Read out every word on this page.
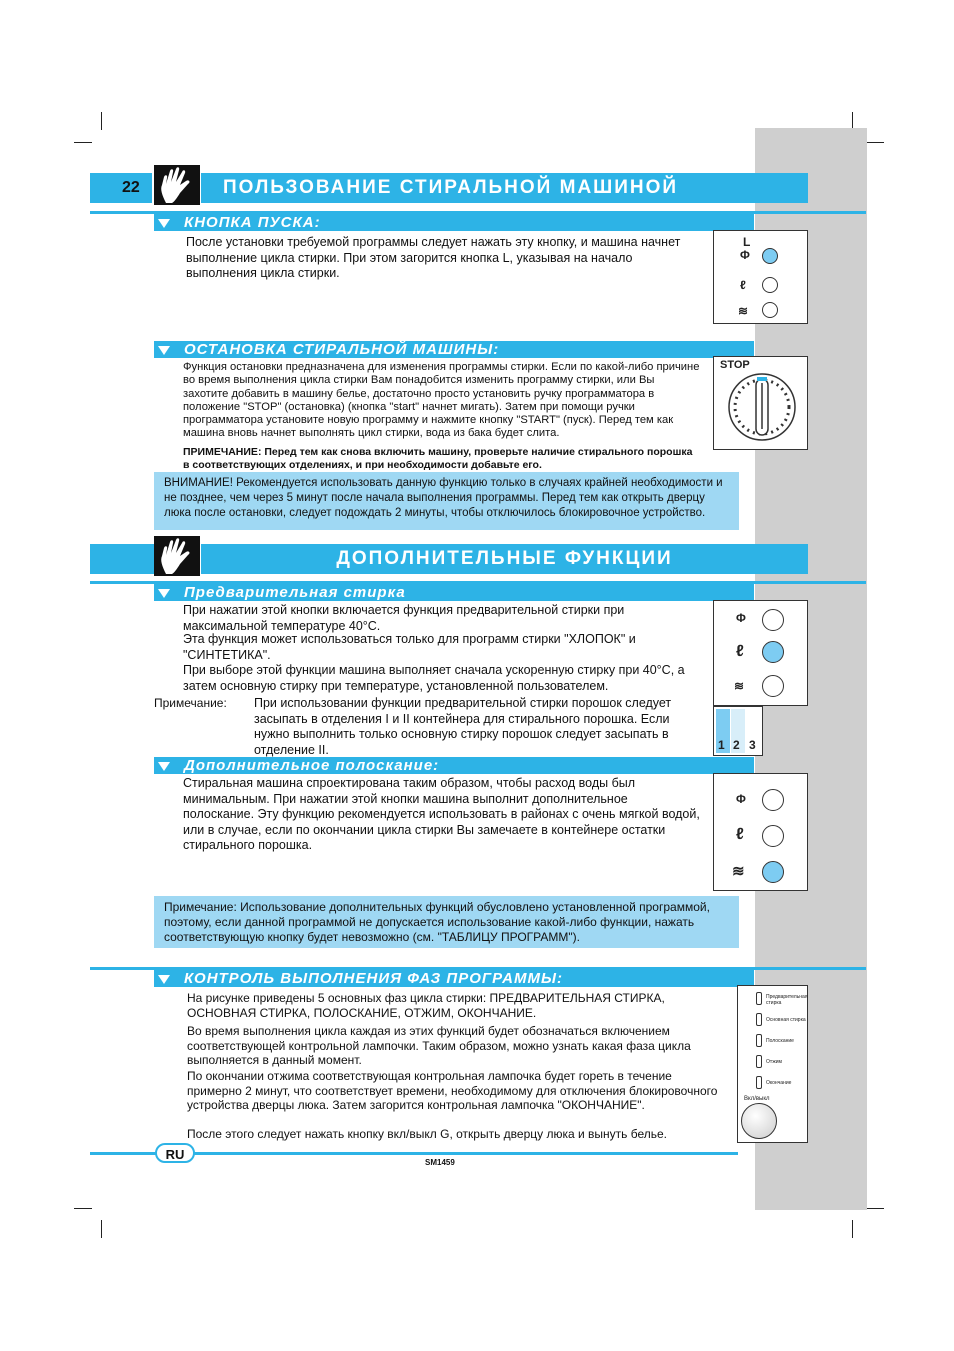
22	ПОЛЬЗОВАНИЕ СТИРАЛЬНОЙ МАШИНОЙ
КНОПКА ПУСКА:
После установки требуемой программы следует нажать эту кнопку, и машина начнет выполнение цикла стирки. При этом загорится кнопка L, указывая на начало выполнения цикла стирки.
L
Φ
ℓ
≋
ОСТАНОВКА СТИРАЛЬНОЙ МАШИНЫ:
Функция остановки предназначена для изменения программы стирки. Если по какой-либо причине во время выполнения цикла стирки Вам понадобится изменить программу стирки, или Вы захотите добавить в машину белье, достаточно просто установить ручку программатора в положение "STOP" (остановка) (кнопка "start" начнет мигать). Затем при помощи ручки программатора установите новую программу и нажмите кнопку "START" (пуск). Перед тем как машина вновь начнет выполнять цикл стирки, вода из бака будет слита.
ПРИМЕЧАНИЕ: Перед тем как снова включить машину, проверьте наличие стирального порошка в соответствующих отделениях, и при необходимости добавьте его.
STOP
ВНИМАНИЕ! Рекомендуется использовать данную функцию только в случаях крайней необходимости и не позднее, чем через 5 минут после начала выполнения программы. Перед тем как открыть дверцу люка после остановки, следует подождать 2 минуты, чтобы отключилось блокировочное устройство.
ДОПОЛНИТЕЛЬНЫЕ ФУНКЦИИ
Предварительная стирка
При нажатии этой кнопки включается функция предварительной стирки при максимальной температуре 40°C.
Эта функция может использоваться только для программ стирки "ХЛОПОК" и "СИНТЕТИКА".
При выборе этой функции машина выполняет сначала ускоренную стирку при 40°C, а затем основную стирку при температуре, установленной пользователем.
Примечание:	При использовании функции предварительной стирки порошок следует засыпать в отделения I и II контейнера для стирального порошка. Если нужно выполнить только основную стирку порошок следует засыпать в отделение II.
Φ
ℓ
≋
1 2 3
Дополнительное полоскание:
Стиральная машина спроектирована таким образом, чтобы расход воды был минимальным. При нажатии этой кнопки машина выполнит дополнительное полоскание. Эту функцию рекомендуется использовать в районах с очень мягкой водой, или в случае, если по окончании цикла стирки Вы замечаете в контейнере остатки стирального порошка.
Φ
ℓ
≋
Примечание: Использование дополнительных функций обусловлено установленной программой, поэтому, если данной программой не допускается использование какой-либо функции, нажать соответствующую кнопку будет невозможно (см. "ТАБЛИЦУ ПРОГРАММ").
КОНТРОЛЬ ВЫПОЛНЕНИЯ ФАЗ ПРОГРАММЫ:
На рисунке приведены 5 основных фаз цикла стирки: ПРЕДВАРИТЕЛЬНАЯ СТИРКА, ОСНОВНАЯ СТИРКА, ПОЛОСКАНИЕ, ОТЖИМ, ОКОНЧАНИЕ.
Во время выполнения цикла каждая из этих функций будет обозначаться включением соответствующей контрольной лампочки. Таким образом, можно узнать какая фаза цикла выполняется в данный момент.
По окончании отжима соответствующая контрольная лампочка будет гореть в течение примерно 2 минут, что соответствует времени, необходимому для отключения блокировочного устройства дверцы люка. Затем загорится контрольная лампочка "ОКОНЧАНИЕ".
После этого следует нажать кнопку вкл/выкл G, открыть дверцу люка и вынуть белье.
Предварительная стирка
Основная стирка
Полоскание
Отжим
Окончание
Вкл/выкл
RU
SM1459
